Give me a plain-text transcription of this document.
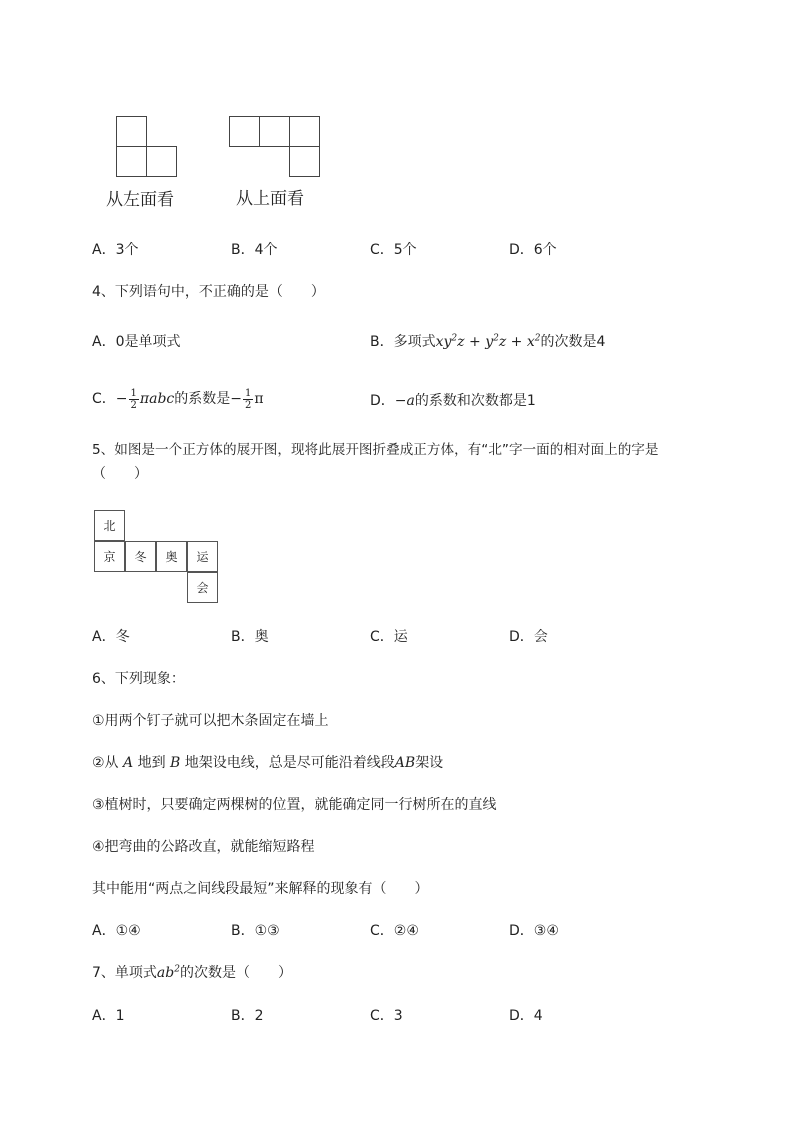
从左面看	从上面看
A．3个	B．4个	C．5个	D．6个
4、下列语句中，不正确的是（　　）
A．0是单项式	B．多项式$xy^2z + y^2z + x^2$的次数是4
C．− $\frac{1}{2}$ πabc的系数是− $\frac{1}{2}$ π	D．−a的系数和次数都是1
5、如图是一个正方体的展开图，现将此展开图折叠成正方体，有“北”字一面的相对面上的字是
（　　）
北
京	冬	奥	运
会
A．冬	B．奥	C．运	D．会
6、下列现象：
①用两个钉子就可以把木条固定在墙上
②从 A 地到 B 地架设电线，总是尽可能沿着线段AB架设
③植树时，只要确定两棵树的位置，就能确定同一行树所在的直线
④把弯曲的公路改直，就能缩短路程
其中能用“两点之间线段最短”来解释的现象有（　　）
A．①④	B．①③	C．②④	D．③④
7、单项式$ab^2$的次数是（　　）
A．1	B．2	C．3	D．4
